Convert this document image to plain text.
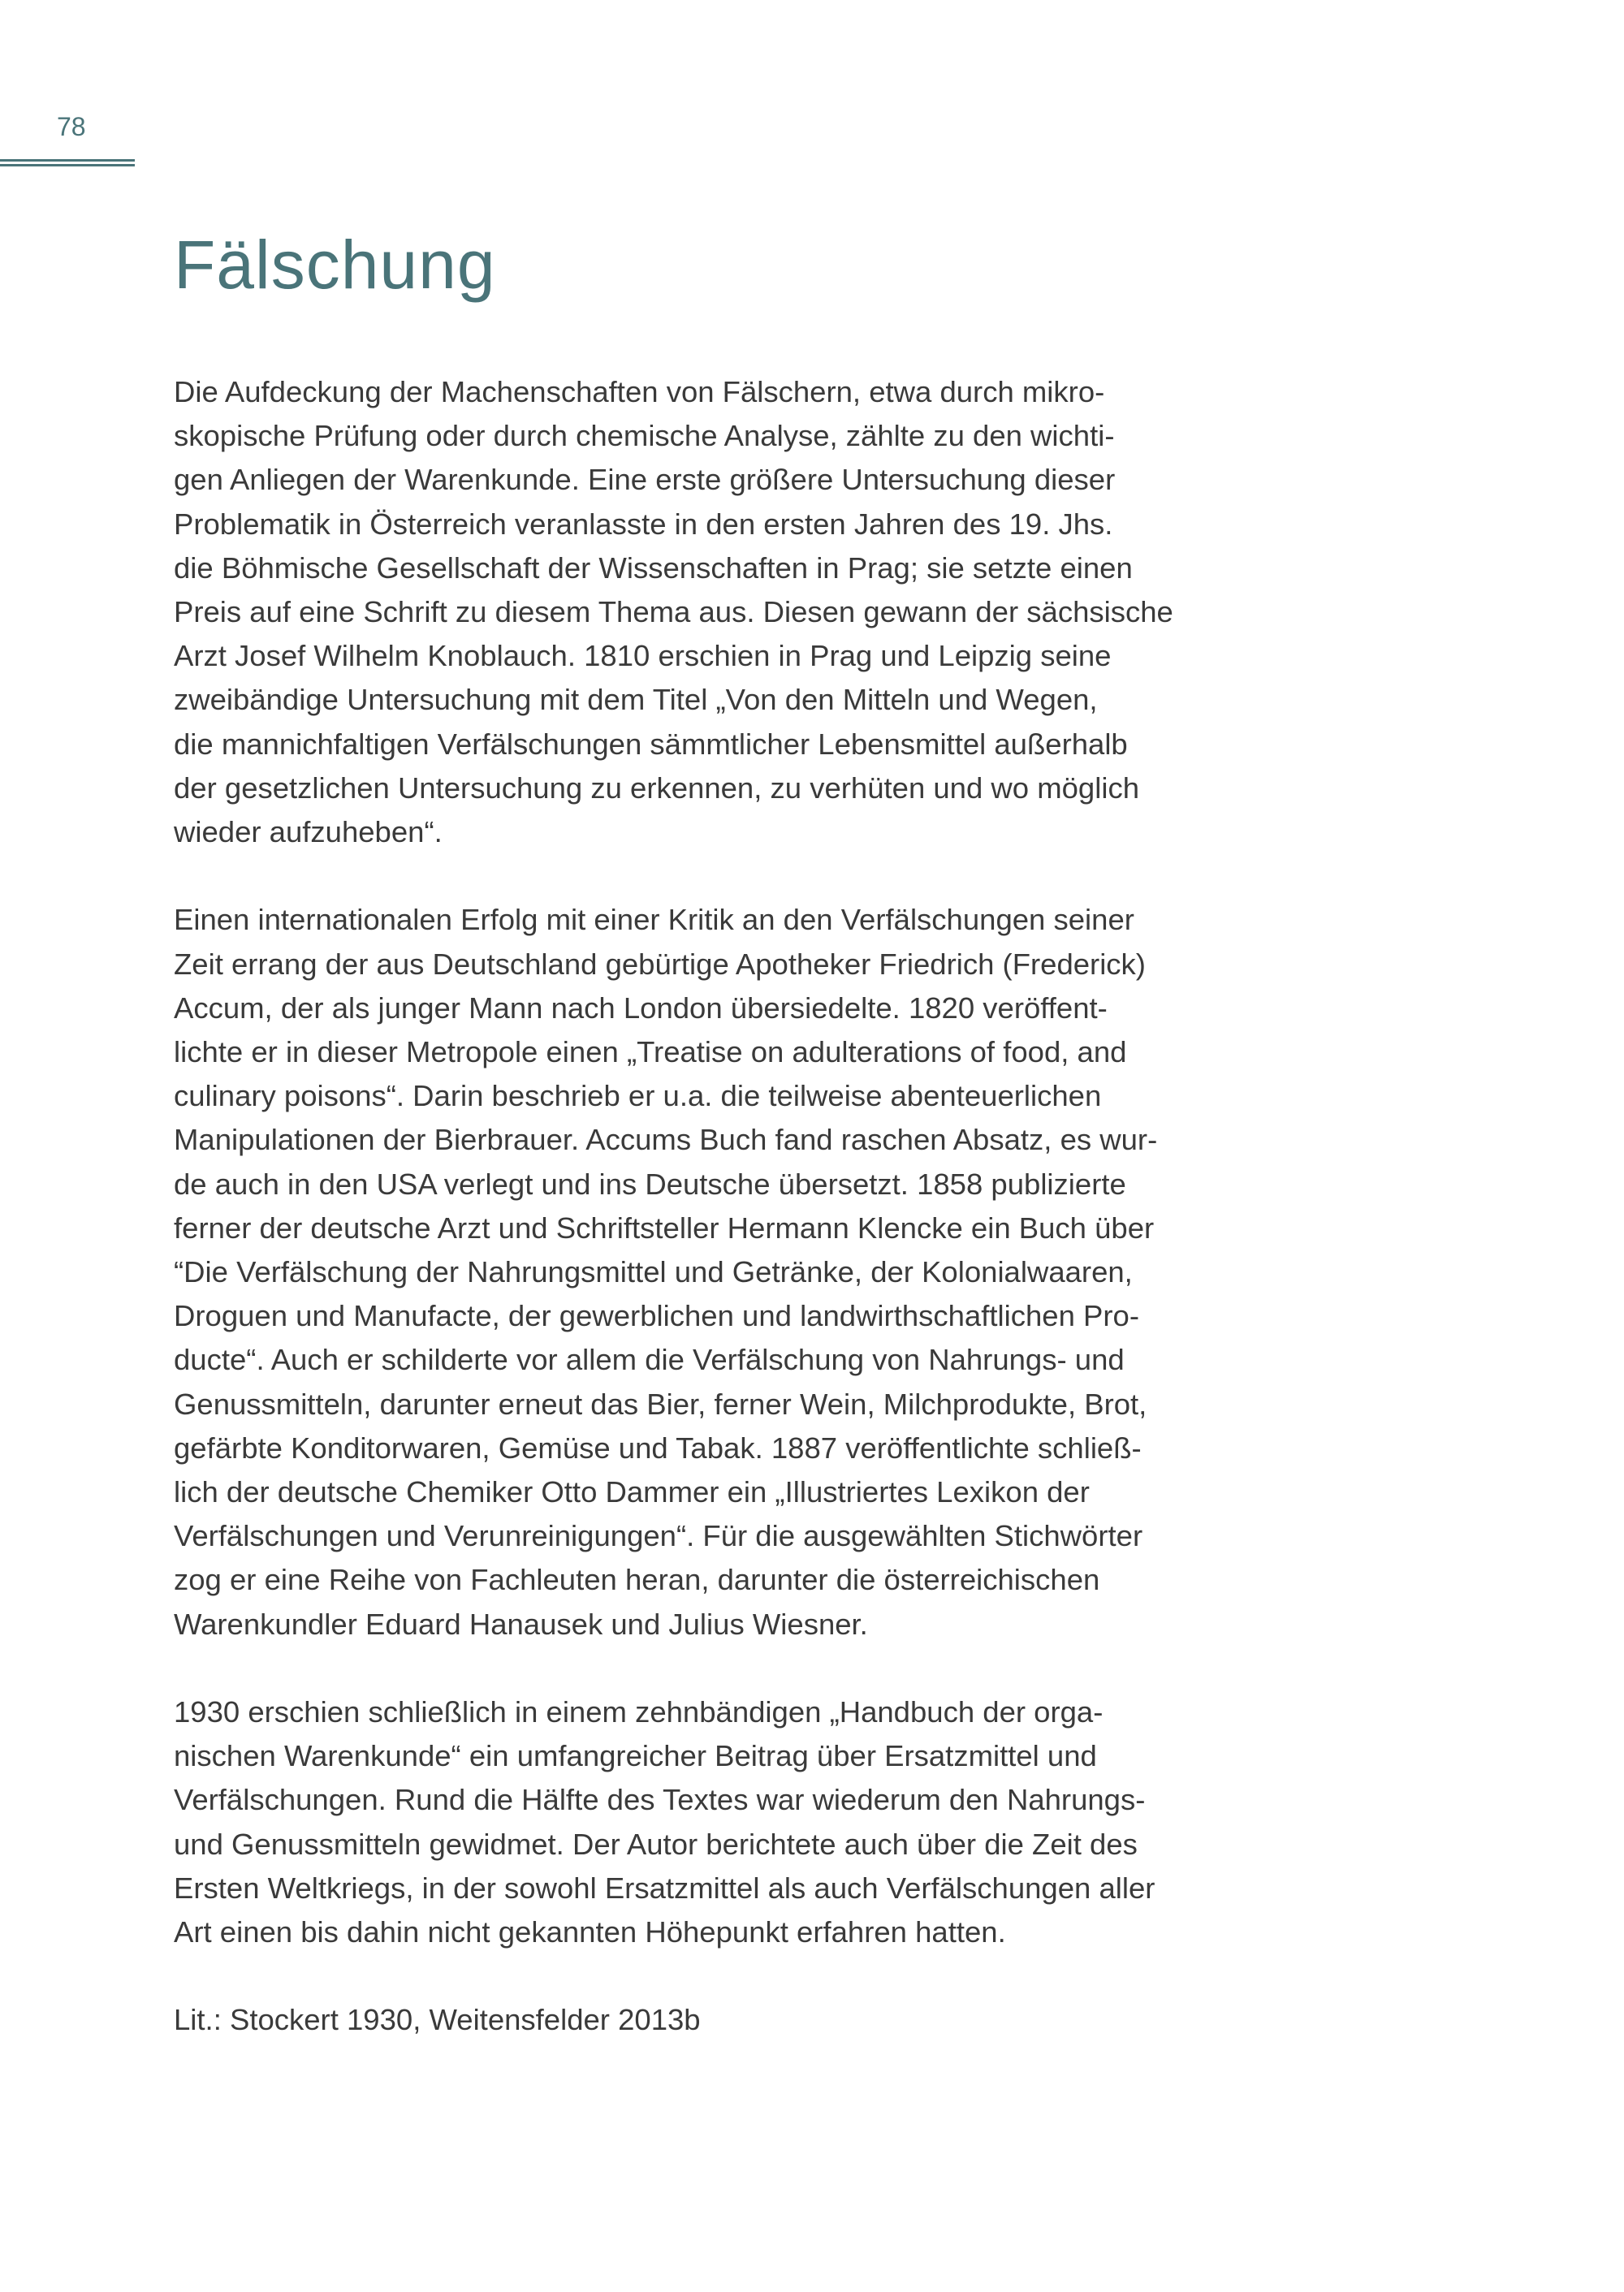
78
Fälschung

Die Aufdeckung der Machenschaften von Fälschern, etwa durch mikro-
skopische Prüfung oder durch chemische Analyse, zählte zu den wichti-
gen Anliegen der Warenkunde. Eine erste größere Untersuchung dieser
Problematik in Österreich veranlasste in den ersten Jahren des 19. Jhs.
die Böhmische Gesellschaft der Wissenschaften in Prag; sie setzte einen
Preis auf eine Schrift zu diesem Thema aus. Diesen gewann der sächsische
Arzt Josef Wilhelm Knoblauch. 1810 erschien in Prag und Leipzig seine
zweibändige Untersuchung mit dem Titel „Von den Mitteln und Wegen,
die mannichfaltigen Verfälschungen sämmtlicher Lebensmittel außerhalb
der gesetzlichen Untersuchung zu erkennen, zu verhüten und wo möglich
wieder aufzuheben“.

Einen internationalen Erfolg mit einer Kritik an den Verfälschungen seiner
Zeit errang der aus Deutschland gebürtige Apotheker Friedrich (Frederick)
Accum, der als junger Mann nach London übersiedelte. 1820 veröffent-
lichte er in dieser Metropole einen „Treatise on adulterations of food, and
culinary poisons“. Darin beschrieb er u.a. die teilweise abenteuerlichen
Manipulationen der Bierbrauer. Accums Buch fand raschen Absatz, es wur-
de auch in den USA verlegt und ins Deutsche übersetzt. 1858 publizierte
ferner der deutsche Arzt und Schriftsteller Hermann Klencke ein Buch über
“Die Verfälschung der Nahrungsmittel und Getränke, der Kolonialwaaren,
Droguen und Manufacte, der gewerblichen und landwirthschaftlichen Pro-
ducte“. Auch er schilderte vor allem die Verfälschung von Nahrungs- und
Genussmitteln, darunter erneut das Bier, ferner Wein, Milchprodukte, Brot,
gefärbte Konditorwaren, Gemüse und Tabak. 1887 veröffentlichte schließ-
lich der deutsche Chemiker Otto Dammer ein „Illustriertes Lexikon der
Verfälschungen und Verunreinigungen“. Für die ausgewählten Stichwörter
zog er eine Reihe von Fachleuten heran, darunter die österreichischen
Warenkundler Eduard Hanausek und Julius Wiesner.

1930 erschien schließlich in einem zehnbändigen „Handbuch der orga-
nischen Warenkunde“ ein umfangreicher Beitrag über Ersatzmittel und
Verfälschungen. Rund die Hälfte des Textes war wiederum den Nahrungs-
und Genussmitteln gewidmet. Der Autor berichtete auch über die Zeit des
Ersten Weltkriegs, in der sowohl Ersatzmittel als auch Verfälschungen aller
Art einen bis dahin nicht gekannten Höhepunkt erfahren hatten.

Lit.: Stockert 1930, Weitensfelder 2013b
